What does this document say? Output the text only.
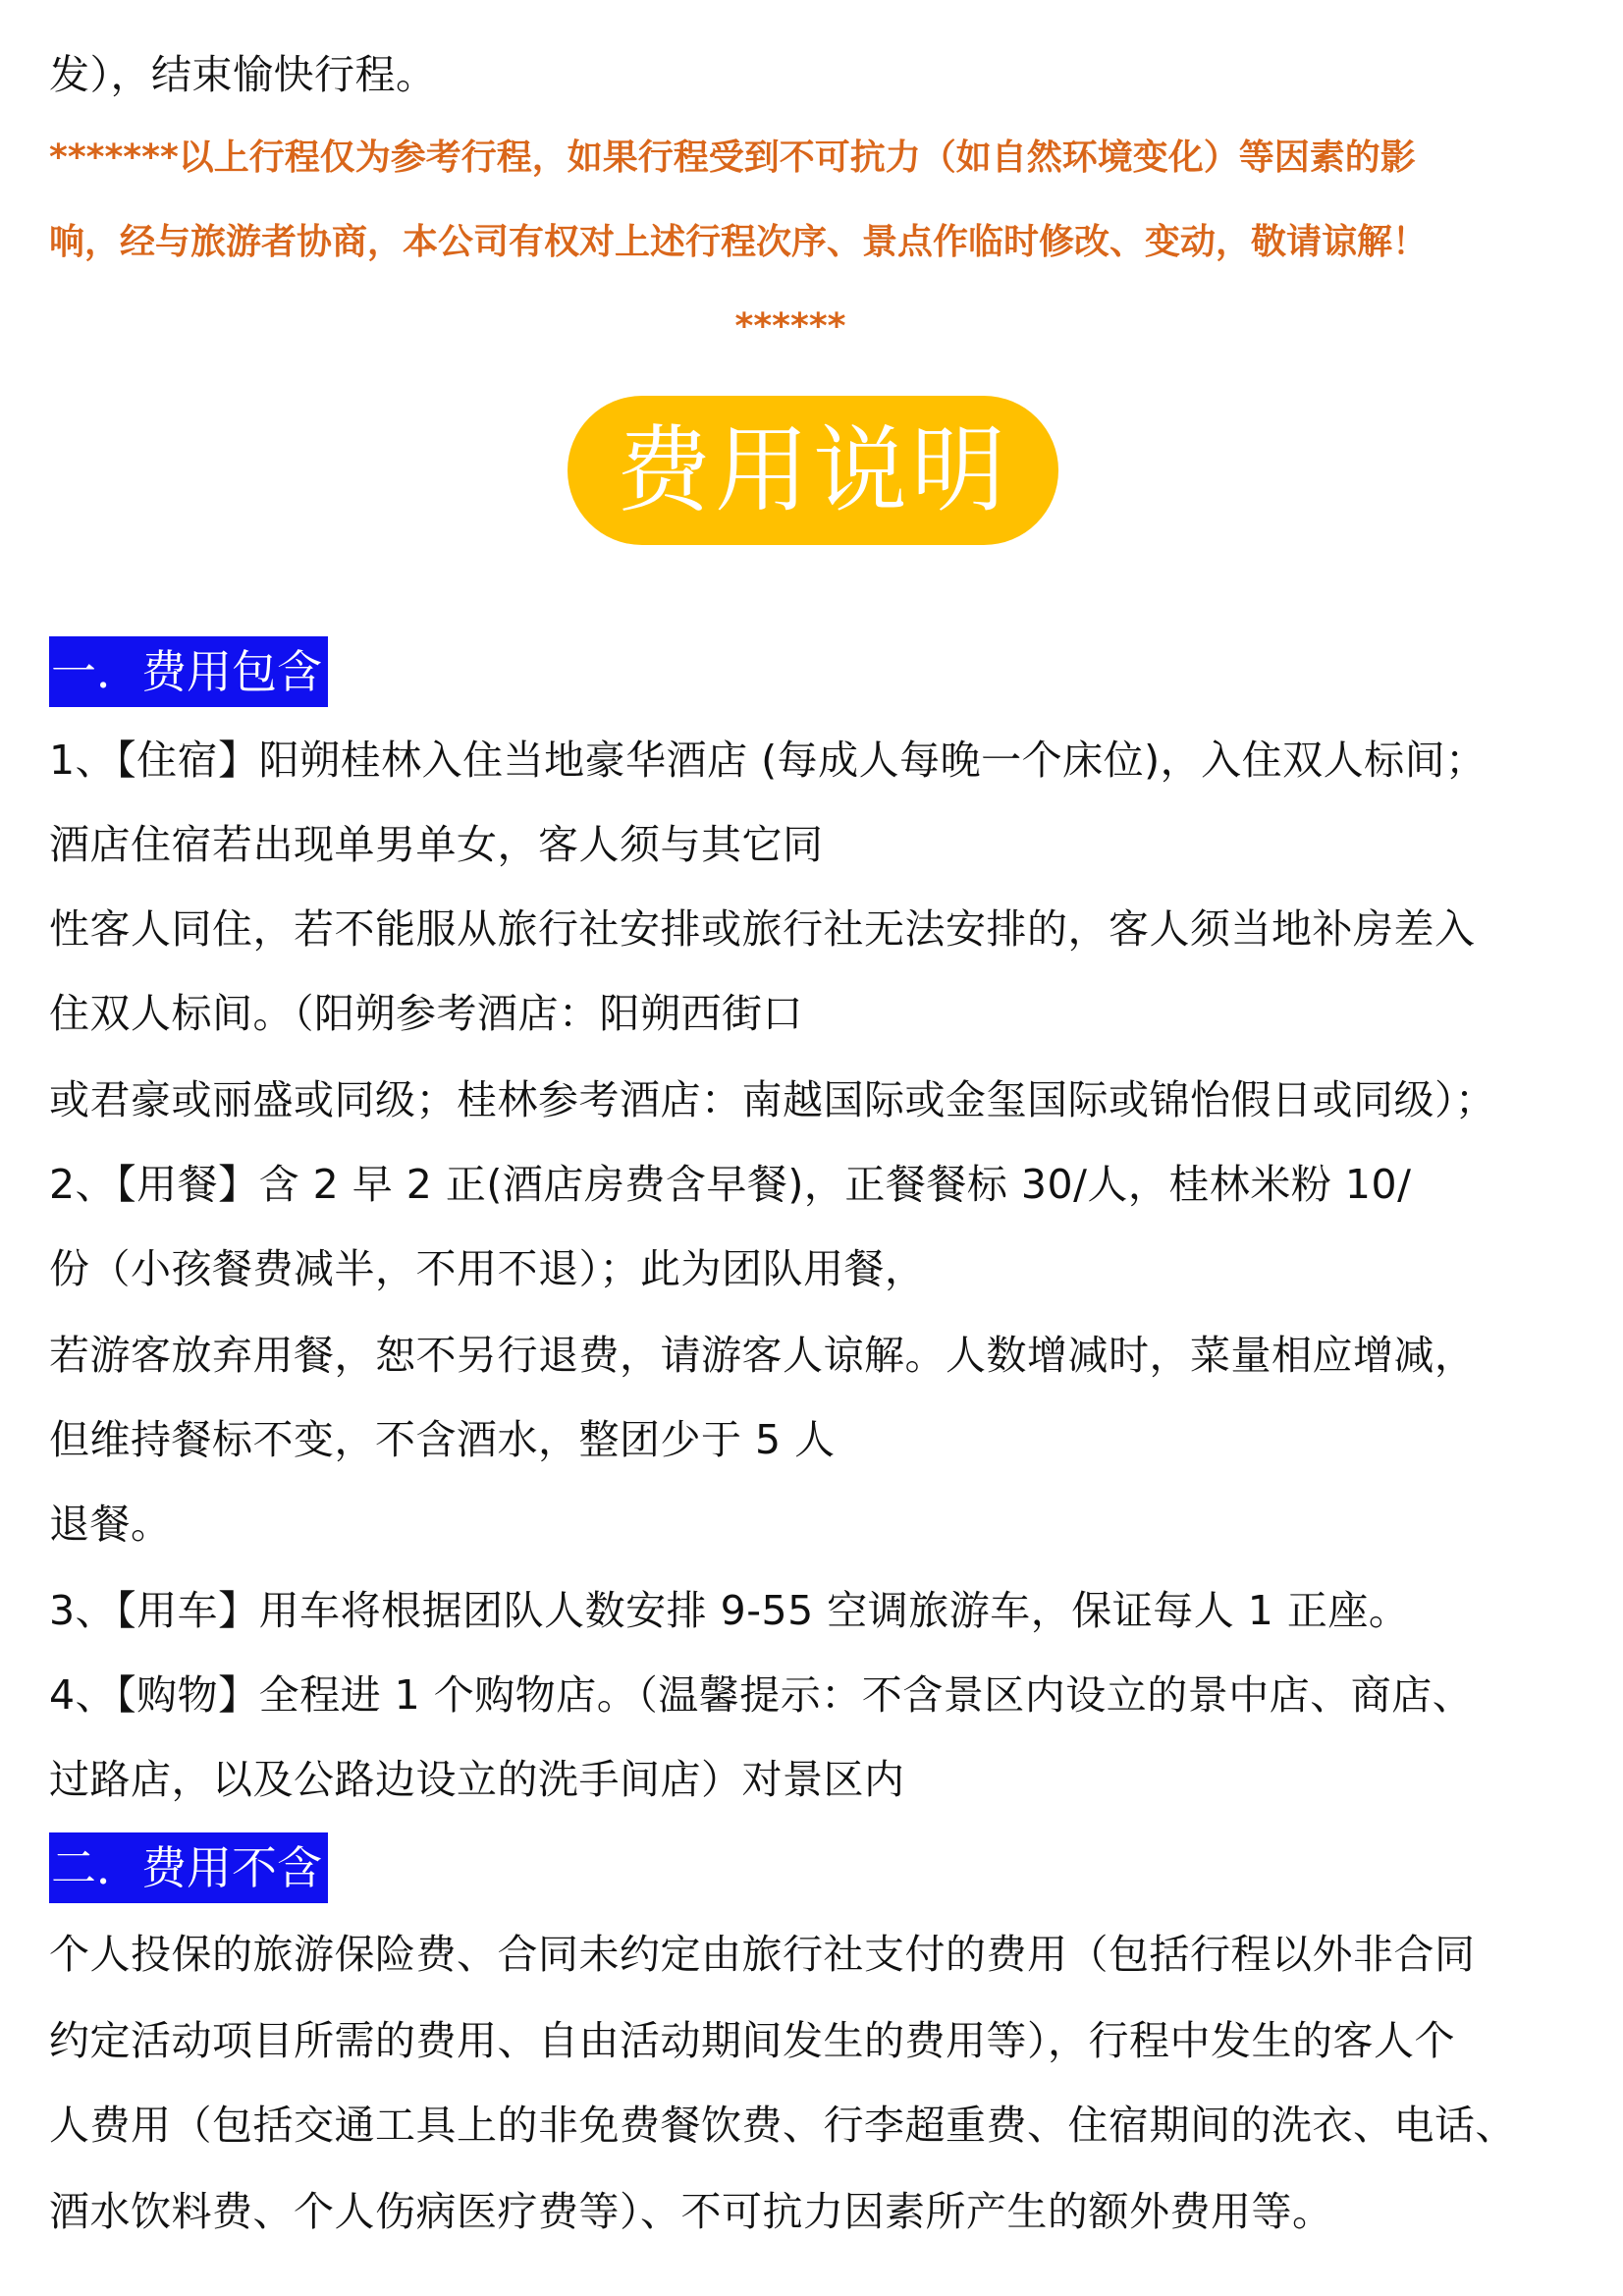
发），结束愉快行程。
*******以上行程仅为参考行程，如果行程受到不可抗力（如自然环境变化）等因素的影
响，经与旅游者协商，本公司有权对上述行程次序、景点作临时修改、变动，敬请谅解！
******
费用说明
一．费用包含
1、【住宿】阳朔桂林入住当地豪华酒店 (每成人每晚一个床位)，入住双人标间；
酒店住宿若出现单男单女，客人须与其它同
性客人同住，若不能服从旅行社安排或旅行社无法安排的，客人须当地补房差入
住双人标间。（阳朔参考酒店：阳朔西街口
或君豪或丽盛或同级；桂林参考酒店：南越国际或金玺国际或锦怡假日或同级）；
2、【用餐】含 2 早 2 正(酒店房费含早餐)，正餐餐标 30/人，桂林米粉 10/
份（小孩餐费减半，不用不退）；此为团队用餐，
若游客放弃用餐，恕不另行退费，请游客人谅解。人数增减时，菜量相应增减，
但维持餐标不变，不含酒水，整团少于 5 人
退餐。
3、【用车】用车将根据团队人数安排 9-55 空调旅游车，保证每人 1 正座。
4、【购物】全程进 1 个购物店。（温馨提示：不含景区内设立的景中店、商店、
过路店，以及公路边设立的洗手间店）对景区内
二．费用不含
个人投保的旅游保险费、合同未约定由旅行社支付的费用（包括行程以外非合同
约定活动项目所需的费用、自由活动期间发生的费用等），行程中发生的客人个
人费用（包括交通工具上的非免费餐饮费、行李超重费、住宿期间的洗衣、电话、
酒水饮料费、个人伤病医疗费等）、不可抗力因素所产生的额外费用等。
